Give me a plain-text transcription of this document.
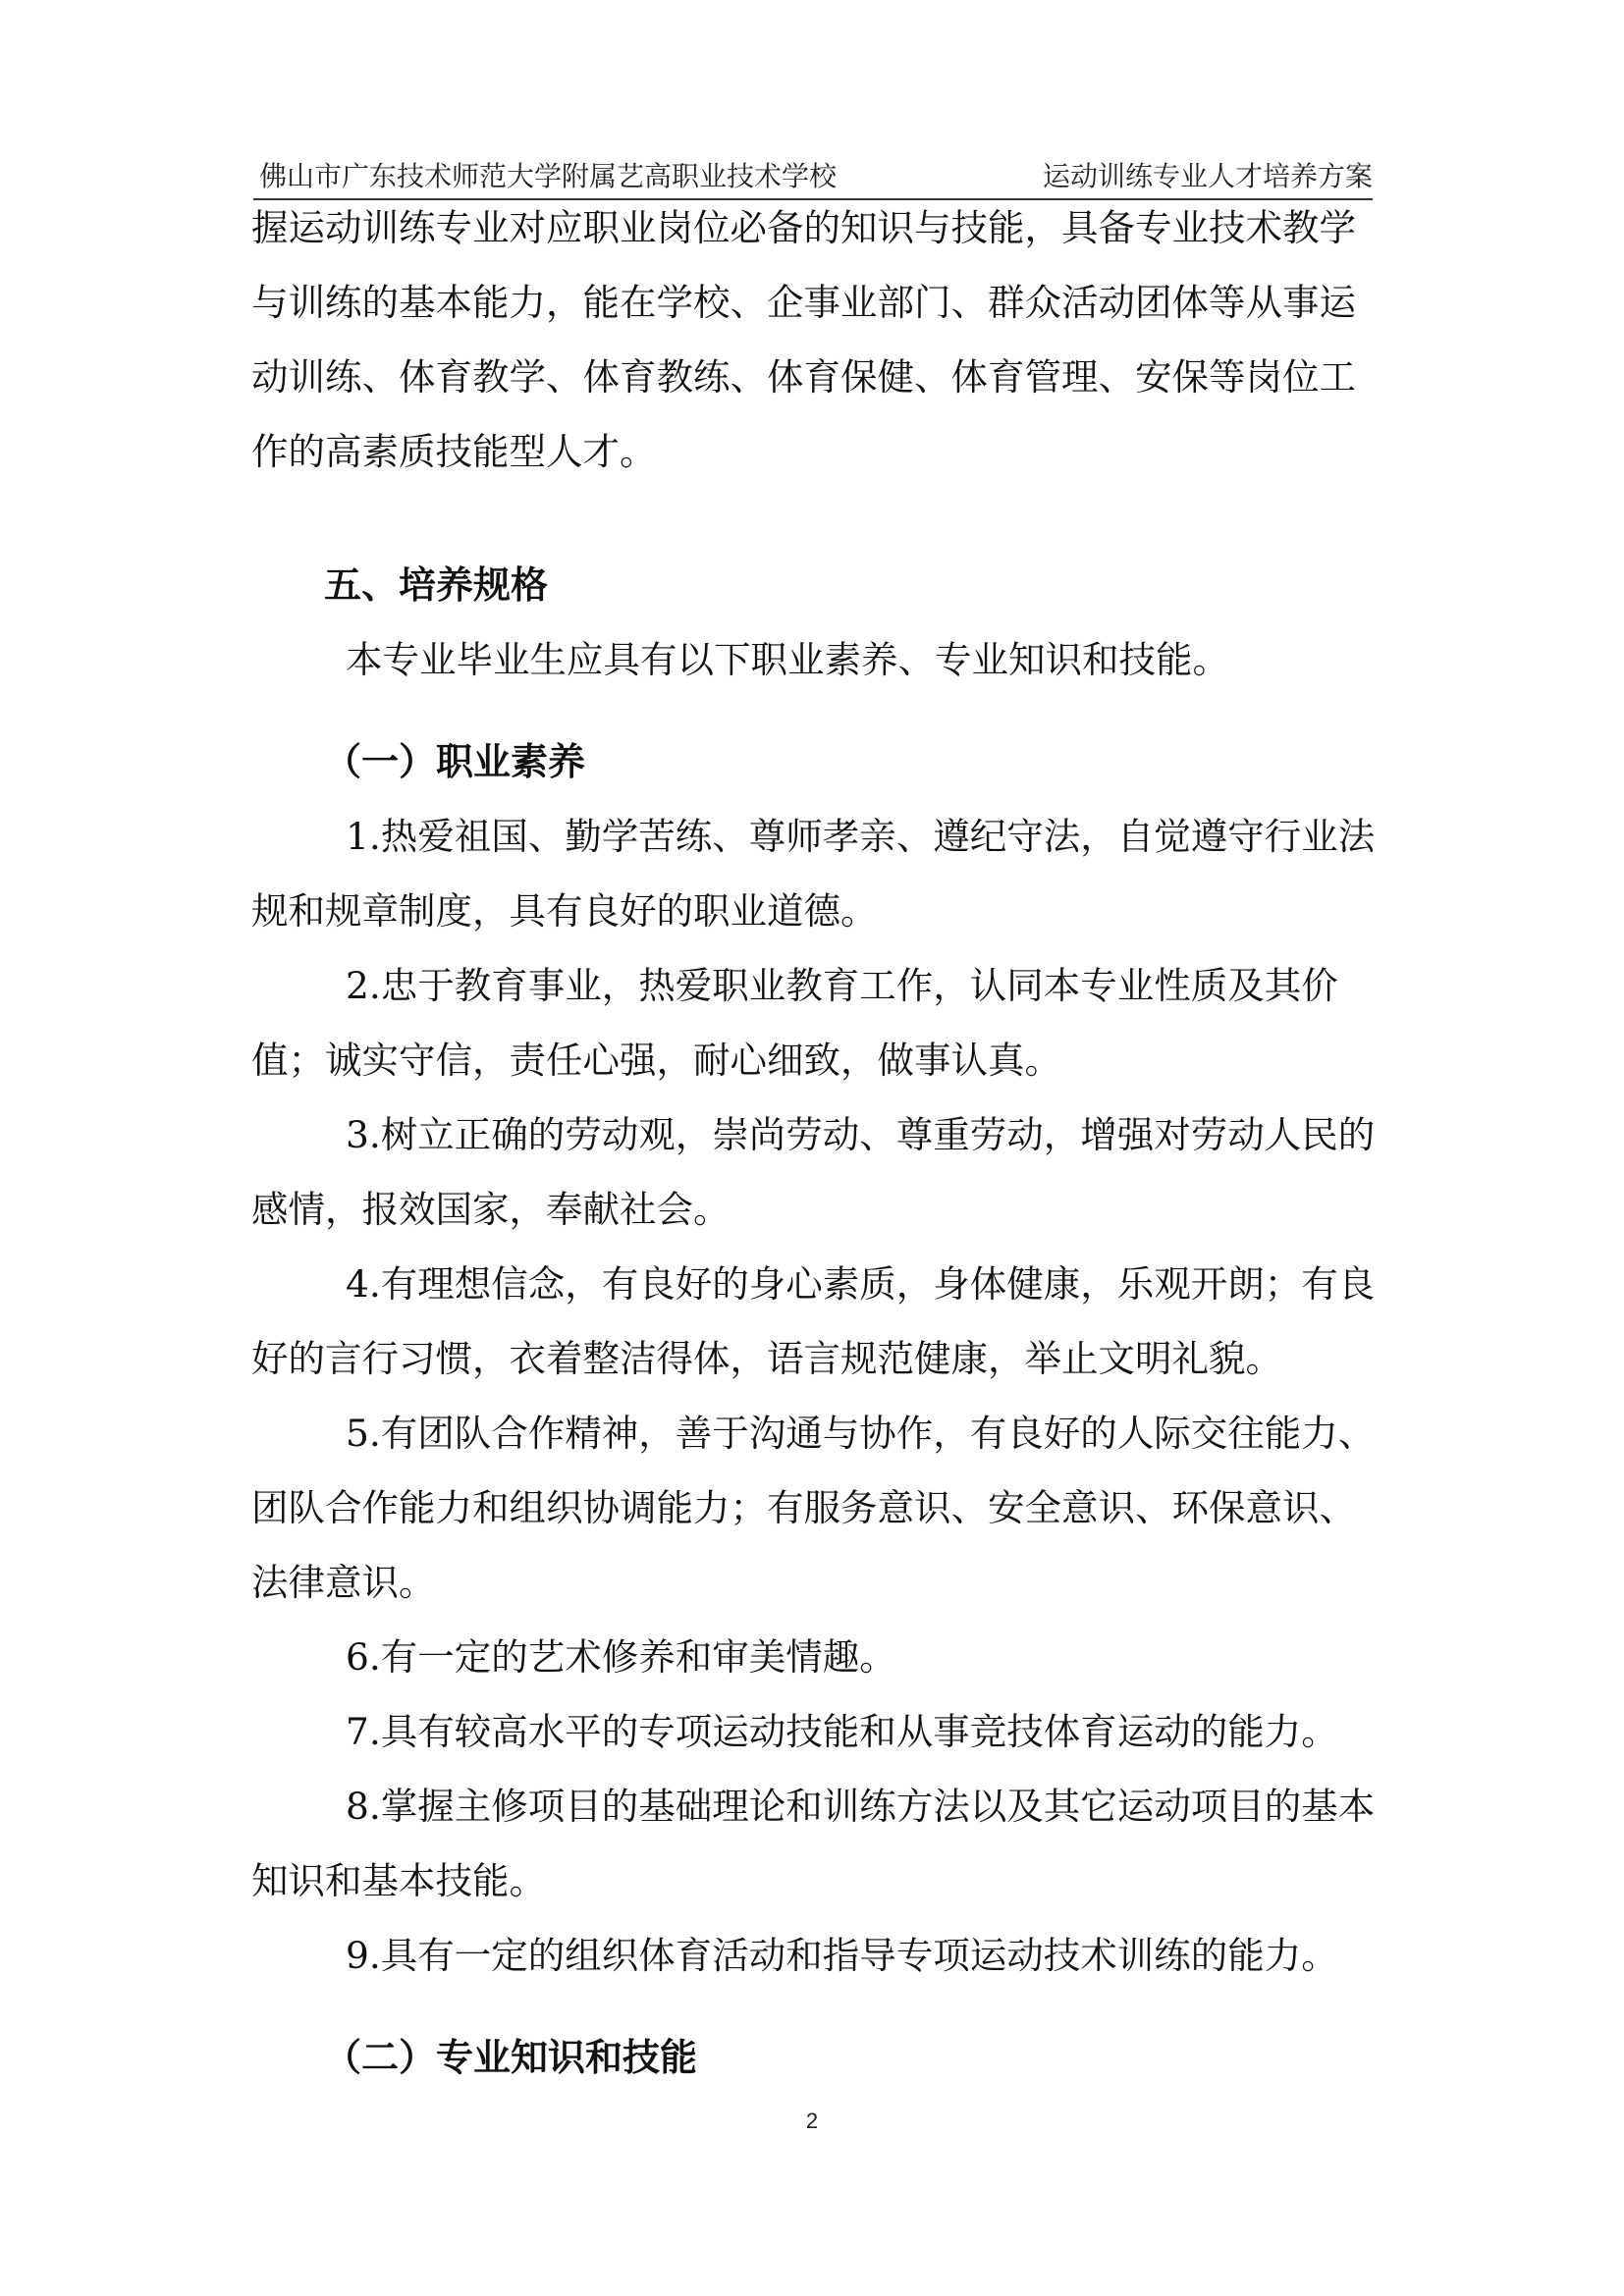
佛山市广东技术师范大学附属艺高职业技术学校	运动训练专业人才培养方案

握运动训练专业对应职业岗位必备的知识与技能，具备专业技术教学与训练的基本能力，能在学校、企事业部门、群众活动团体等从事运动训练、体育教学、体育教练、体育保健、体育管理、安保等岗位工作的高素质技能型人才。

五、培养规格

本专业毕业生应具有以下职业素养、专业知识和技能。

（一）职业素养

1.热爱祖国、勤学苦练、尊师孝亲、遵纪守法，自觉遵守行业法规和规章制度，具有良好的职业道德。

2.忠于教育事业，热爱职业教育工作，认同本专业性质及其价值；诚实守信，责任心强，耐心细致，做事认真。

3.树立正确的劳动观，崇尚劳动、尊重劳动，增强对劳动人民的感情，报效国家，奉献社会。

4.有理想信念，有良好的身心素质，身体健康，乐观开朗；有良好的言行习惯，衣着整洁得体，语言规范健康，举止文明礼貌。

5.有团队合作精神，善于沟通与协作，有良好的人际交往能力、团队合作能力和组织协调能力；有服务意识、安全意识、环保意识、法律意识。

6.有一定的艺术修养和审美情趣。

7.具有较高水平的专项运动技能和从事竞技体育运动的能力。

8.掌握主修项目的基础理论和训练方法以及其它运动项目的基本知识和基本技能。

9.具有一定的组织体育活动和指导专项运动技术训练的能力。

（二）专业知识和技能

2
